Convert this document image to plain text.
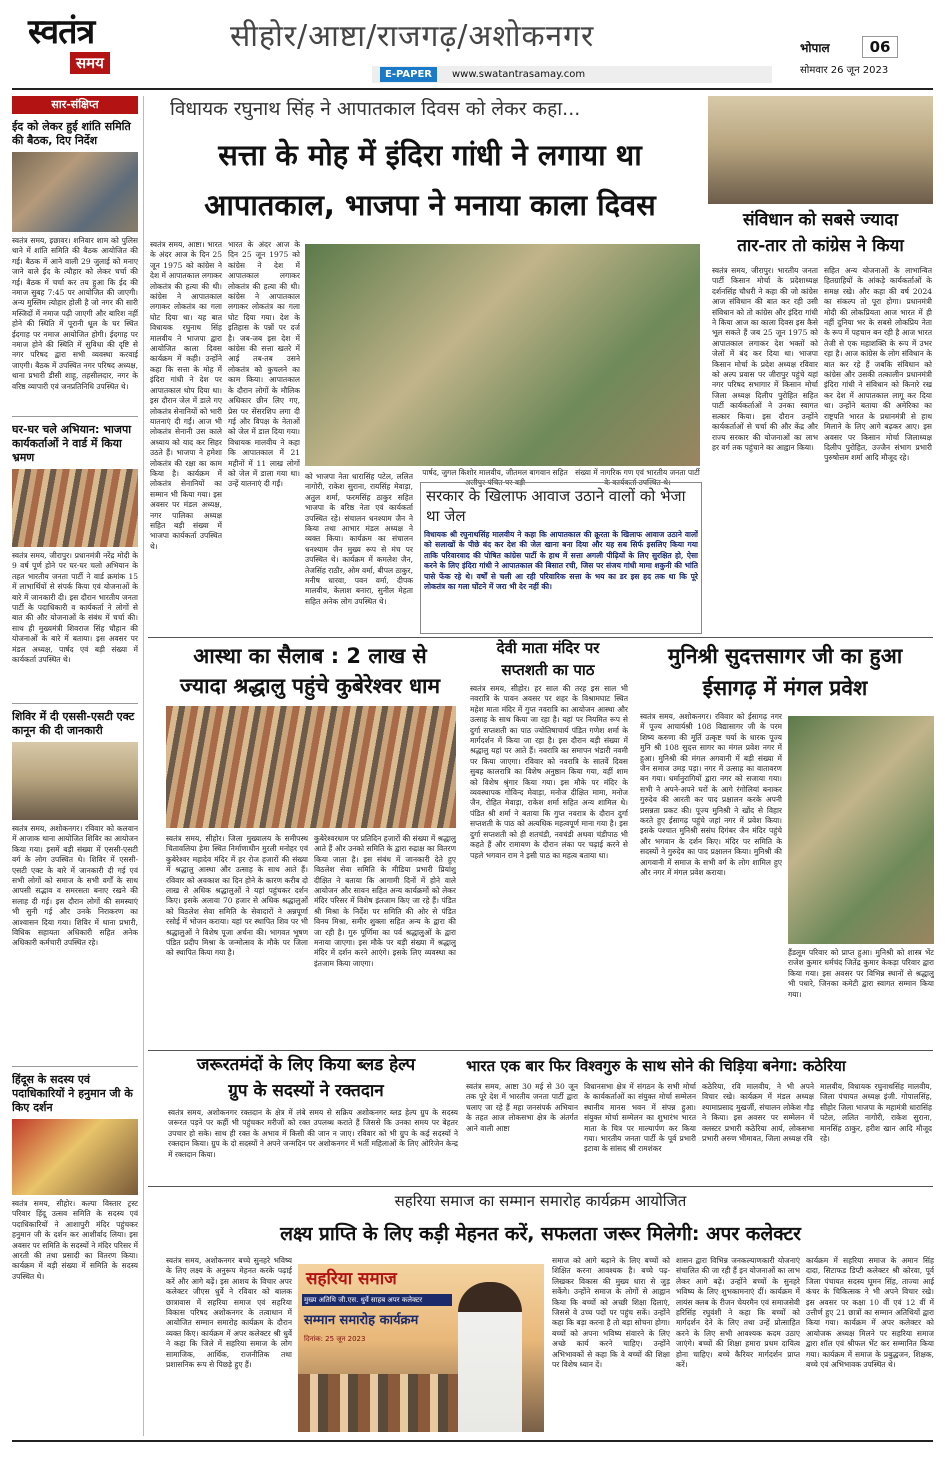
स्वतंत्र
समय
सीहोर/आष्टा/राजगढ़/अशोकनगर
E-PAPER	www.swatantrasamay.com
भोपाल	06
सोमवार 26 जून 2023
सार-संक्षिप्त
ईद को लेकर हुई शांति समिति की बैठक, दिए निर्देश
स्वतंत्र समय, इछावर। शनिवार शाम को पुलिस थाने में शांति समिति की बैठक आयोजित की गई। बैठक में आने वाली 29 जुलाई को मनाए जाने वाले ईद के त्यौहार को लेकर चर्चा की गई। बैठक में चर्चा कर तय हुआ कि ईद की नमाज सुबह 7:45 पर आयोजित की जाएगी। अन्य मुस्लिम त्योहार होली है जो नगर की सारी मस्जिदों में नमाज पढ़ी जाएगी और बारिश नहीं होने की स्थिति में पूरानी धूल के घर स्थित ईदगाह पर नमाज आयोजित होगी। ईदगाह पर नमाज होने की स्थिति में सुविधा की दृष्टि से नगर परिषद द्वारा सभी व्यवस्था करवाई जाएगी। बैठक में उपस्थित नगर परिषद अध्यक्ष, थाना प्रभारी डीसी शाहू, तहसीलदार, नगर के वरिष्ठ व्यापारी एवं जनप्रतिनिधि उपस्थित थे।
घर-घर चले अभियान: भाजपा कार्यकर्ताओं ने वार्ड में किया भ्रमण
स्वतंत्र समय, जीरापुर। प्रधानमंत्री नरेंद्र मोदी के 9 वर्ष पूर्ण होने पर घर-घर चलो अभियान के तहत भारतीय जनता पार्टी ने वार्ड क्रमांक 15 में लाभार्थियों से संपर्क किया एवं योजनाओं के बारे में जानकारी दी। इस दौरान भारतीय जनता पार्टी के पदाधिकारी व कार्यकर्ता ने लोगों से बात की और योजनाओं के संबंध में चर्चा की। साथ ही मुख्यमंत्री शिवराज सिंह चौहान की योजनाओं के बारे में बताया। इस अवसर पर मंडल अध्यक्ष, पार्षद एवं बड़ी संख्या में कार्यकर्ता उपस्थित थे।
शिविर में दी एससी-एसटी एक्ट कानून की दी जानकारी
स्वतंत्र समय, अशोकनगर। रविवार को कलवान में आजाक थाना आयोजित शिविर का आयोजन किया गया। इसमें बड़ी संख्या में एससी-एसटी वर्ग के लोग उपस्थित थे। शिविर में एससी-एसटी एक्ट के बारे में जानकारी दी गई एवं सभी लोगों को समाज के सभी वर्गों के साथ आपसी सद्भाव व समरसता बनाए रखने की सलाह दी गई। इस दौरान लोगों की समस्याएं भी सुनी गई और उनके निराकरण का आश्वासन दिया गया। शिविर में थाना प्रभारी, विधिक सहायता अधिकारी सहित अनेक अधिकारी कर्मचारी उपस्थित रहे।
हिंदूस के सदस्य एवं पदाधिकारियों ने हनुमान जी के किए दर्शन
स्वतंत्र समय, सीहोर। कल्पा विस्तार ट्रस्ट परिवार हिंदू उत्सव समिति के सदस्य एवं पदाधिकारियों ने आशापुरी मंदिर पहुंचकर हनुमान जी के दर्शन कर आशीर्वाद लिया। इस अवसर पर समिति के सदस्यों ने मंदिर परिसर में आरती की तथा प्रसादी का वितरण किया। कार्यक्रम में बड़ी संख्या में समिति के सदस्य उपस्थित थे।
विधायक रघुनाथ सिंह ने आपातकाल दिवस को लेकर कहा...
सत्ता के मोह में इंदिरा गांधी ने लगाया था
आपातकाल, भाजपा ने मनाया काला दिवस
स्वतंत्र समय, आष्टा। भारत के अंदर आज के दिन 25 जून 1975 को कांग्रेस ने देश में आपातकाल लगाकर लोकतंत्र की हत्या की थी। कांग्रेस ने आपातकाल लगाकर लोकतंत्र का गला घोट दिया था। यह बात विधायक रघुनाथ सिंह मालवीय ने भाजपा द्वारा आयोजित काला दिवस कार्यक्रम में कही। उन्होंने कहा कि सत्ता के मोह में इंदिरा गांधी ने देश पर आपातकाल थोप दिया था। इस दौरान जेल में डाले गए लोकतंत्र सेनानियों को भारी यातनाएं दी गईं। आज भी लोकतंत्र सेनानी उस काले अध्याय को याद कर सिहर उठते हैं। भाजपा ने हमेशा लोकतंत्र की रक्षा का काम किया है। कार्यक्रम में लोकतंत्र सेनानियों का सम्मान भी किया गया। इस अवसर पर मंडल अध्यक्ष, नगर पालिका अध्यक्ष सहित बड़ी संख्या में भाजपा कार्यकर्ता उपस्थित थे।
भारत के अंदर आज के दिन 25 जून 1975 को कांग्रेस ने देश में आपातकाल लगाकर लोकतंत्र की हत्या की थी। कांग्रेस ने आपातकाल लगाकर लोकतंत्र का गला घोट दिया गया। देश के इतिहास के पन्नों पर दर्ज है। जब-जब इस देश में कांग्रेस की सत्ता खतरे में आई तब-तब उसने लोकतंत्र को कुचलने का काम किया। आपातकाल के दौरान लोगों के मौलिक अधिकार छीन लिए गए, प्रेस पर सेंसरशिप लगा दी गई और विपक्ष के नेताओं को जेल में डाल दिया गया। विधायक मालवीय ने कहा कि आपातकाल में 21 महीनों में 11 लाख लोगों को जेल में डाला गया था। उन्हें यातनाएं दी गईं।
पार्षद, जुगल किशोर मालवीय, जीतमल बागवान सहित अलीपुर पंचित पर बड़ी
संख्या में नागरिक गण एवं भारतीय जनता पार्टी के कार्यकर्ता उपस्थित थे।
को भाजपा नेता धारासिंह पटेल, ललित नागोरी, राकेश सुराना, रायसिंह मेवाड़ा, अतुल शर्मा, फरमसिंह ठाकुर सहित भाजपा के वरिष्ठ नेता एवं कार्यकर्ता उपस्थित रहे। संचालन धनश्याम जैन ने किया तथा आभार मंडल अध्यक्ष ने व्यक्त किया। कार्यक्रम का संचालन धनश्याम जैन मुख्य रूप से मंच पर उपस्थित थे। कार्यक्रम में कमलेश जैन, तेजसिंह राठौर, ओम वर्मा, बीपल ठाकुर, मनीष धारवा, पवन वर्मा, दीपक मालवीय, केलाश बनारा, सुनील मेहता सहित अनेक लोग उपस्थित थे।
सरकार के खिलाफ आवाज उठाने वालों को भेजा था जेल
विधायक श्री रघुनाथसिंह मालवीय ने कहा कि आपातकाल की क्रूरता के खिलाफ आवाज उठाने वालों को सलाखों के पीछे बंद कर देश की जेल खाना बना दिया और यह सब सिर्फ इसलिए किया गया ताकि परिवारवाद की पोषित कांग्रेस पार्टी के हाथ में सत्ता अगली पीढ़ियों के लिए सुरक्षित हो, ऐसा करने के लिए इंदिरा गांधी ने आपातकाल की बिसात रची, जिस पर संजय गांधी मामा शकुनी की भांति पासे फेंक रहे थे। वर्षों से चली आ रही परिवारिक सत्ता के भय का डर इस हद तक था कि पूरे लोकतंत्र का गला घोंटने में जरा भी देर नहीं की।
संविधान को सबसे ज्यादा
तार-तार तो कांग्रेस ने किया
स्वतंत्र समय, जीरापुर। भारतीय जनता पार्टी किसान मोर्चा के प्रदेशाध्यक्ष दर्शनसिंह चौधरी ने कहा की जो कांग्रेस आज संविधान की बात कर रही उसी संविधान को तो कांग्रेस और इंदिरा गांधी ने किया आज का काला दिवस इस कैसे भूल सकते हैं जब 25 जून 1975 को आपातकाल लगाकर देश भक्तों को जेलों में बंद कर दिया था। भाजपा किसान मोर्चा के प्रदेश अध्यक्ष रविवार को अल्प प्रवास पर जीरापुर पहुंचे यहां नगर परिषद सभागार में किसान मोर्चा जिला अध्यक्ष दिलीप पुरोहित सहित पार्टी कार्यकर्ताओं ने उनका स्वागत सत्कार किया। इस दौरान उन्होंने कार्यकर्ताओं से चर्चा की और केंद्र और राज्य सरकार की योजनाओं का लाभ हर वर्ग तक पहुंचाने का आह्वान किया।
सहित अन्य योजनाओं के लाभान्वित हितग्राहियों के आंकड़े कार्यकर्ताओं के समक्ष रखे। और कहा की वर्ष 2024 का संकल्प तो पूरा होगा। प्रधानमंत्री मोदी की लोकप्रियता आज भारत में ही नहीं दुनिया भर के सबसे लोकप्रिय नेता के रूप में पहचान बन रही है आज भारत तेजी से एक महाशक्ति के रूप में उभर रहा है। आज कांग्रेस के लोग संविधान के बात कर रहे हैं जबकि संविधान को कांग्रेस और उसकी तत्कालीन प्रधानमंत्री इंदिरा गांधी ने संविधान को किनारे रख कर देश में आपातकाल लागू कर दिया था। उन्होंने बताया की अमेरिका का राष्ट्रपति भारत के प्रधानमंत्री से हाथ मिलाने के लिए आगे बढ़कर आए। इस अवसर पर किसान मोर्चा जिलाध्यक्ष दिलीप पुरोहित, उज्जैन संभाग प्रभारी पुरुषोत्तम शर्मा आदि मौजूद रहे।
आस्था का सैलाब : 2 लाख से
ज्यादा श्रद्धालु पहुंचे कुबेरेश्वर धाम
स्वतंत्र समय, सीहोर। जिला मुख्यालय के समीपस्थ चितावलिया हेमा स्थित निर्माणाधीन मुरली मनोहर एवं कुबेरेश्वर महादेव मंदिर में हर रोज हजारों की संख्या में श्रद्धालु आस्था और उत्साह के साथ आते हैं। रविवार को अवकाश का दिन होने के कारण करीब दो लाख से अधिक श्रद्धालुओं ने यहां पहुंचकर दर्शन किए। इसके अलावा 70 हजार से अधिक श्रद्धालुओं को विठलेश सेवा समिति के सेवादारों ने अन्नपूर्णा रसोई में भोजन कराया। यहां पर स्थापित शिव पर भी श्रद्धालुओं ने विशेष पूजा अर्चना की। भागवत भूषण पंडित प्रदीप मिश्रा के जन्मोत्सव के मौके पर जिला को स्थापित किया गया है।
कुबेरेश्वरधाम पर प्रतिदिन हजारों की संख्या में श्रद्धालु आते हैं और उनको समिति के द्वारा रुद्राक्ष का वितरण किया जाता है। इस संबंध में जानकारी देते हुए विठलेश सेवा समिति के मीडिया प्रभारी प्रियांशु दीक्षित ने बताया कि आगामी दिनों में होने वाले आयोजन और सावन सहित अन्य कार्यक्रमों को लेकर मंदिर परिसर में विशेष इंतजाम किए जा रहे हैं। पंडित श्री मिश्रा के निर्देश पर समिति की ओर से पंडित विनय मिश्रा, समीर शुक्ला सहित अन्य के द्वारा की जा रही है। गुरु पूर्णिमा का पर्व श्रद्धालुओं के द्वारा मनाया जाएगा। इस मौके पर बड़ी संख्या में श्रद्धालु मंदिर में दर्शन करने आएंगे। इसके लिए व्यवस्था का इंतजाम किया जाएगा।
देवी माता मंदिर पर
सप्तशती का पाठ
स्वतंत्र समय, सीहोर। हर साल की तरह इस साल भी नवरात्रि के पावन अवसर पर शहर के विश्रामघाट स्थित महेश माता मंदिर में गुप्त नवरात्रि का आयोजन आस्था और उत्साह के साथ किया जा रहा है। यहां पर नियमित रूप से दुर्गा सप्तशती का पाठ ज्योतिषाचार्य पंडित गणेश शर्मा के मार्गदर्शन में किया जा रहा है। इस दौरान बड़ी संख्या में श्रद्धालु यहां पर आते हैं। नवरात्रि का समापन भंडारी नवमी पर किया जाएगा। रविवार को नवरात्रि के सातवें दिवस सुबह कालरात्रि का विशेष अनुष्ठान किया गया, वहीं शाम को विशेष श्रृंगार किया गया। इस मौके पर मंदिर के व्यवस्थापक गोविन्द मेवाड़ा, मनोज दीक्षित मामा, मनोज जैन, रोहित मेवाड़ा, राकेश शर्मा सहित अन्य शामिल थे। पंडित श्री शर्मा ने बताया कि गुप्त नवरात्र के दौरान दुर्गा सप्तशती के पाठ को अत्यधिक महत्वपूर्ण माना गया है। इस दुर्गा सप्तशती को ही शतचंडी, नवचंडी अथवा चंडीपाठ भी कहते हैं और रामायण के दौरान लंका पर चढ़ाई करने से पहले भगवान राम ने इसी पाठ का महत्व बताया था।
मुनिश्री सुदत्तसागर जी का हुआ
ईसागढ़ में मंगल प्रवेश
स्वतंत्र समय, अशोकनगर। रविवार को ईसागढ़ नगर में पूज्य आचार्यश्री 108 विद्यासागर जी के परम शिष्य करुणा की मूर्ति उत्कृष्ट चर्या के धारक पूज्य मुनि श्री 108 सुदत्त सागर का मंगल प्रवेश नगर में हुआ। मुनिश्री की मंगल अगवानी में बड़ी संख्या में जैन समाज उमड़ पड़ा। नगर में उत्साह का वातावरण बन गया। धर्मानुरागियों द्वारा नगर को सजाया गया। सभी ने अपने-अपने घरों के आगे रंगोलियां बनाकर गुरुदेव की आरती कर पाद प्रक्षालन करके अपनी प्रसन्नता प्रकट की। पूज्य मुनिश्री ने खोंद से विहार करते हुए ईसागढ़ पहुंचे जहां नगर में प्रवेश किया। इसके पश्चात मुनिश्री ससंघ दिगंबर जैन मंदिर पहुंचे और भगवान के दर्शन किए। मंदिर पर समिति के सदस्यों ने गुरुदेव का पाद प्रक्षालन किया। मुनिश्री की आगवानी में समाज के सभी वर्ग के लोग शामिल हुए और नगर में मंगल प्रवेश कराया।
हैंडलूम परिवार को प्राप्त हुआ। मुनिश्री को शास्त्र भेंट राजेश कुमार धर्मचंद जितेंद्र कुमार केकड़ा परिवार द्वारा किया गया। इस अवसर पर विभिन्न स्थानों से श्रद्धालु भी पधारे, जिनका कमेटी द्वारा स्वागत सम्मान किया गया।
जरूरतमंदों के लिए किया ब्लड हेल्प
ग्रुप के सदस्यों ने रक्तदान
स्वतंत्र समय, अशोकनगर रक्तदान के क्षेत्र में लंबे समय से सक्रिय अशोकनगर ब्लड हेल्प ग्रुप के सदस्य जरूरत पड़ने पर कहीं भी पहुंचकर मरीजों को रक्त उपलब्ध कराते हैं जिससे कि उनका समय पर बेहतर उपचार हो सके। साथ ही रक्त के अभाव में किसी की जान न जाए। रविवार को भी ग्रुप के कई सदस्यों ने रक्तदान किया। ग्रुप के दो सदस्यों ने अपने जन्मदिन पर अशोकनगर में भर्ती महिलाओं के लिए ओरिजेन केन्द्र में रक्तदान किया।
भारत एक बार फिर विश्वगुरु के साथ सोने की चिड़िया बनेगा: कठेरिया
स्वतंत्र समय, आष्टा 30 मई से 30 जून तक पूरे देश में भारतीय जनता पार्टी द्वारा चलाए जा रहे हैं महा जनसंपर्क अभियान के तहत आज लोकसभा क्षेत्र के अंतर्गत आने वाली आष्टा
विधानसभा क्षेत्र में संगठन के सभी मोर्चा के कार्यकर्ताओं का संयुक्त मोर्चा सम्मेलन स्थानीय मानस भवन में संपन्न हुआ। संयुक्त मोर्चा सम्मेलन का शुभारंभ भारत माता के चित्र पर माल्यार्पण कर किया गया। भारतीय जनता पार्टी के पूर्व प्रभारी इटावा के सांसद श्री रामशंकर
कठेरिया, रवि मालवीय, ने भी अपने विचार रखे। कार्यक्रम में मंडल अध्यक्ष श्यामाप्रसाद मुखर्जी, संचालन लोकेश गौड़ ने किया। इस अवसर पर सम्मेलन में क्लस्टर प्रभारी कठेरिया आर्य, लोकसभा प्रभारी अरुण भीमावत, जिला अध्यक्ष रवि
मालवीय, विधायक रघुनाथसिंह मालवीय, जिला पंचायत अध्यक्ष इंजी. गोपालसिंह, सीहोर जिला भाजपा के महामंत्री धारासिंह पटेल, ललित नागोरी, राकेश सुराना, मानसिंह ठाकुर, हरीश खान आदि मौजूद रहे।
सहरिया समाज का सम्मान समारोह कार्यक्रम आयोजित
लक्ष्य प्राप्ति के लिए कड़ी मेहनत करें, सफलता जरूर मिलेगी: अपर कलेक्टर
स्वतंत्र समय, अशोकनगर बच्चे सुनहरे भविष्य के लिए लक्ष्य के अनुरूप मेहनत करके पढ़ाई करें और आगे बढ़ें। इस आशय के विचार अपर कलेक्टर जीएस धुर्वे ने रविवार को बालक छात्रावास में सहरिया समाज एवं सहरिया विकास परिषद अशोकनगर के तत्वाधान में आयोजित सम्मान समारोह कार्यक्रम के दौरान व्यक्त किए। कार्यक्रम में अपर कलेक्टर श्री धुर्वे ने कहा कि जिले में सहरिया समाज के लोग सामाजिक, आर्थिक, राजनीतिक तथा प्रशासनिक रूप से पिछड़े हुए हैं।
सहरिया समाज
मुख्य अतिथि जी.एस. धुर्वे साहब अपर कलेक्टर
सम्मान समारोह कार्यक्रम
दिनांक: 25 जून 2023
समाज को आगे बढ़ाने के लिए बच्चों को शिक्षित करना आवश्यक है। बच्चे पढ़-लिखकर विकास की मुख्य धारा से जुड़ सकेंगे। उन्होंने समाज के लोगों से आह्वान किया कि बच्चों को अच्छी शिक्षा दिलाएं, जिससे वे उच्च पदों पर पहुंच सकें। उन्होंने कहा कि बड़ा करना है तो बड़ा सोचना होगा। बच्चों को अपना भविष्य संवारने के लिए अच्छे कार्य करने चाहिए। उन्होंने अभिभावकों से कहा कि वे बच्चों की शिक्षा पर विशेष ध्यान दें।
शासन द्वारा विभिन्न जनकल्याणकारी योजनाएं संचालित की जा रही हैं इन योजनाओं का लाभ लेकर आगे बढ़ें। उन्होंने बच्चों के सुनहरे भविष्य के लिए शुभकामनाएं दीं। कार्यक्रम में लायंस क्लब के रीजन चेयरमैन एवं समाजसेवी हरिसिंह रघुवंशी ने कहा कि बच्चों को मार्गदर्शन देने के लिए तथा उन्हें प्रोत्साहित करने के लिए सभी आवश्यक कदम उठाए जाएंगे। बच्चों की शिक्षा हमारा प्रथम दायित्व होना चाहिए। बच्चे कैरियर मार्गदर्शन प्राप्त करें।
कार्यक्रम में सहरिया समाज के अमान सिंह दादा, सिटाफड डिप्टी कलेक्टर श्री कोरवा, पूर्व जिला पंचायत सदस्य घूमन सिंह, ताज्या आई कंचर के चिकित्सक ने भी अपने विचार रखे। इस अवसर पर कक्षा 10 वीं एवं 12 वीं में उत्तीर्ण हुए 21 छात्रों का सम्मान अतिथियों द्वारा किया गया। कार्यक्रम में अपर कलेक्टर को आयोजक अध्यक्ष मिलने पर सहरिया समाज द्वारा शॉल एवं श्रीफल भेंट कर सम्मानित किया गया। कार्यक्रम में समाज के प्रबुद्धजन, शिक्षक, बच्चे एवं अभिभावक उपस्थित थे।
